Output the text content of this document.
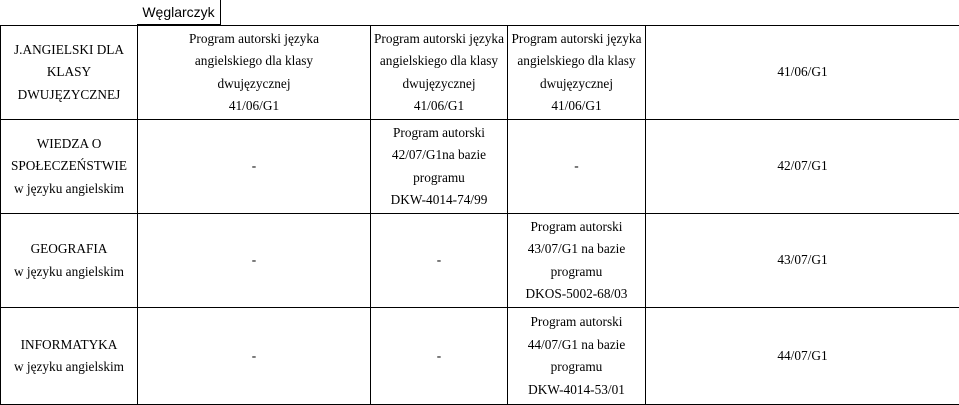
Węglarczyk
J.ANGIELSKI DLA
KLASY
DWUJĘZYCZNEJ	Program autorski języka
angielskiego dla klasy
dwujęzycznej
41/06/G1	Program autorski języka
angielskiego dla klasy
dwujęzycznej
41/06/G1	Program autorski języka
angielskiego dla klasy
dwujęzycznej
41/06/G1	41/06/G1

WIEDZA O
SPOŁECZEŃSTWIE
w języku angielskim	-	Program autorski
42/07/G1na bazie
programu
DKW-4014-74/99	-	42/07/G1

GEOGRAFIA
w języku angielskim	-	-	Program autorski
43/07/G1 na bazie
programu
DKOS-5002-68/03	43/07/G1

INFORMATYKA
w języku angielskim	-	-	Program autorski
44/07/G1 na bazie
programu
DKW-4014-53/01	44/07/G1
